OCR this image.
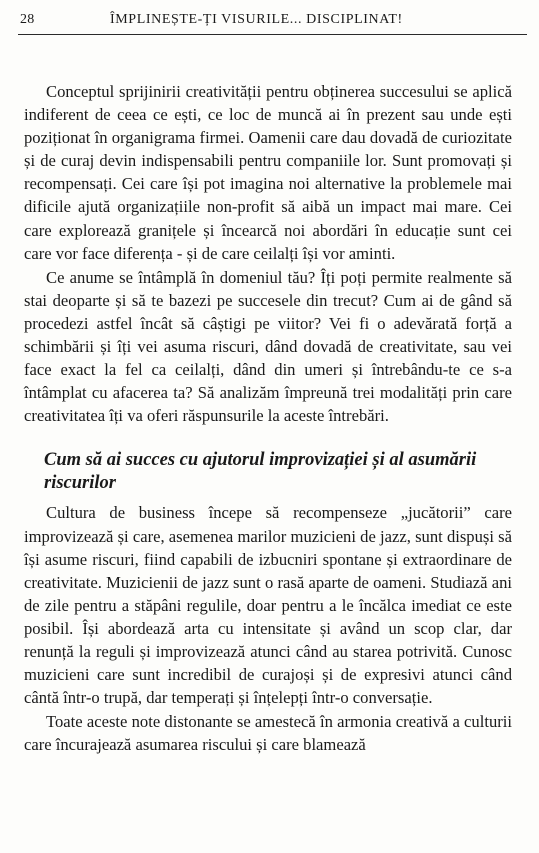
28	ÎMPLINEȘTE-ȚI VISURILE... DISCIPLINAT!

Conceptul sprijinirii creativității pentru obținerea succesului se aplică indiferent de ceea ce ești, ce loc de muncă ai în prezent sau unde ești poziționat în organigrama firmei. Oamenii care dau dovadă de curiozitate și de curaj devin indispensabili pentru companiile lor. Sunt promovați și recompensați. Cei care își pot imagina noi alternative la problemele mai dificile ajută organizațiile non-profit să aibă un impact mai mare. Cei care explorează granițele și încearcă noi abordări în educație sunt cei care vor face diferența - și de care ceilalți își vor aminti.

Ce anume se întâmplă în domeniul tău? Îți poți permite realmente să stai deoparte și să te bazezi pe succesele din trecut? Cum ai de gând să procedezi astfel încât să câștigi pe viitor? Vei fi o adevărată forță a schimbării și îți vei asuma riscuri, dând dovadă de creativitate, sau vei face exact la fel ca ceilalți, dând din umeri și întrebându-te ce s-a întâmplat cu afacerea ta? Să analizăm împreună trei modalități prin care creativitatea îți va oferi răspunsurile la aceste întrebări.

Cum să ai succes cu ajutorul improvizației și al asumării riscurilor

Cultura de business începe să recompenseze „jucătorii” care improvizează și care, asemenea marilor muzicieni de jazz, sunt dispuși să își asume riscuri, fiind capabili de izbucniri spontane și extraordinare de creativitate. Muzicienii de jazz sunt o rasă aparte de oameni. Studiază ani de zile pentru a stăpâni regulile, doar pentru a le încălca imediat ce este posibil. Își abordează arta cu intensitate și având un scop clar, dar renunță la reguli și improvizează atunci când au starea potrivită. Cunosc muzicieni care sunt incredibil de curajoși și de expresivi atunci când cântă într-o trupă, dar temperați și înțelepți într-o conversație.

Toate aceste note distonante se amestecă în armonia creativă a culturii care încurajează asumarea riscului și care blamează
